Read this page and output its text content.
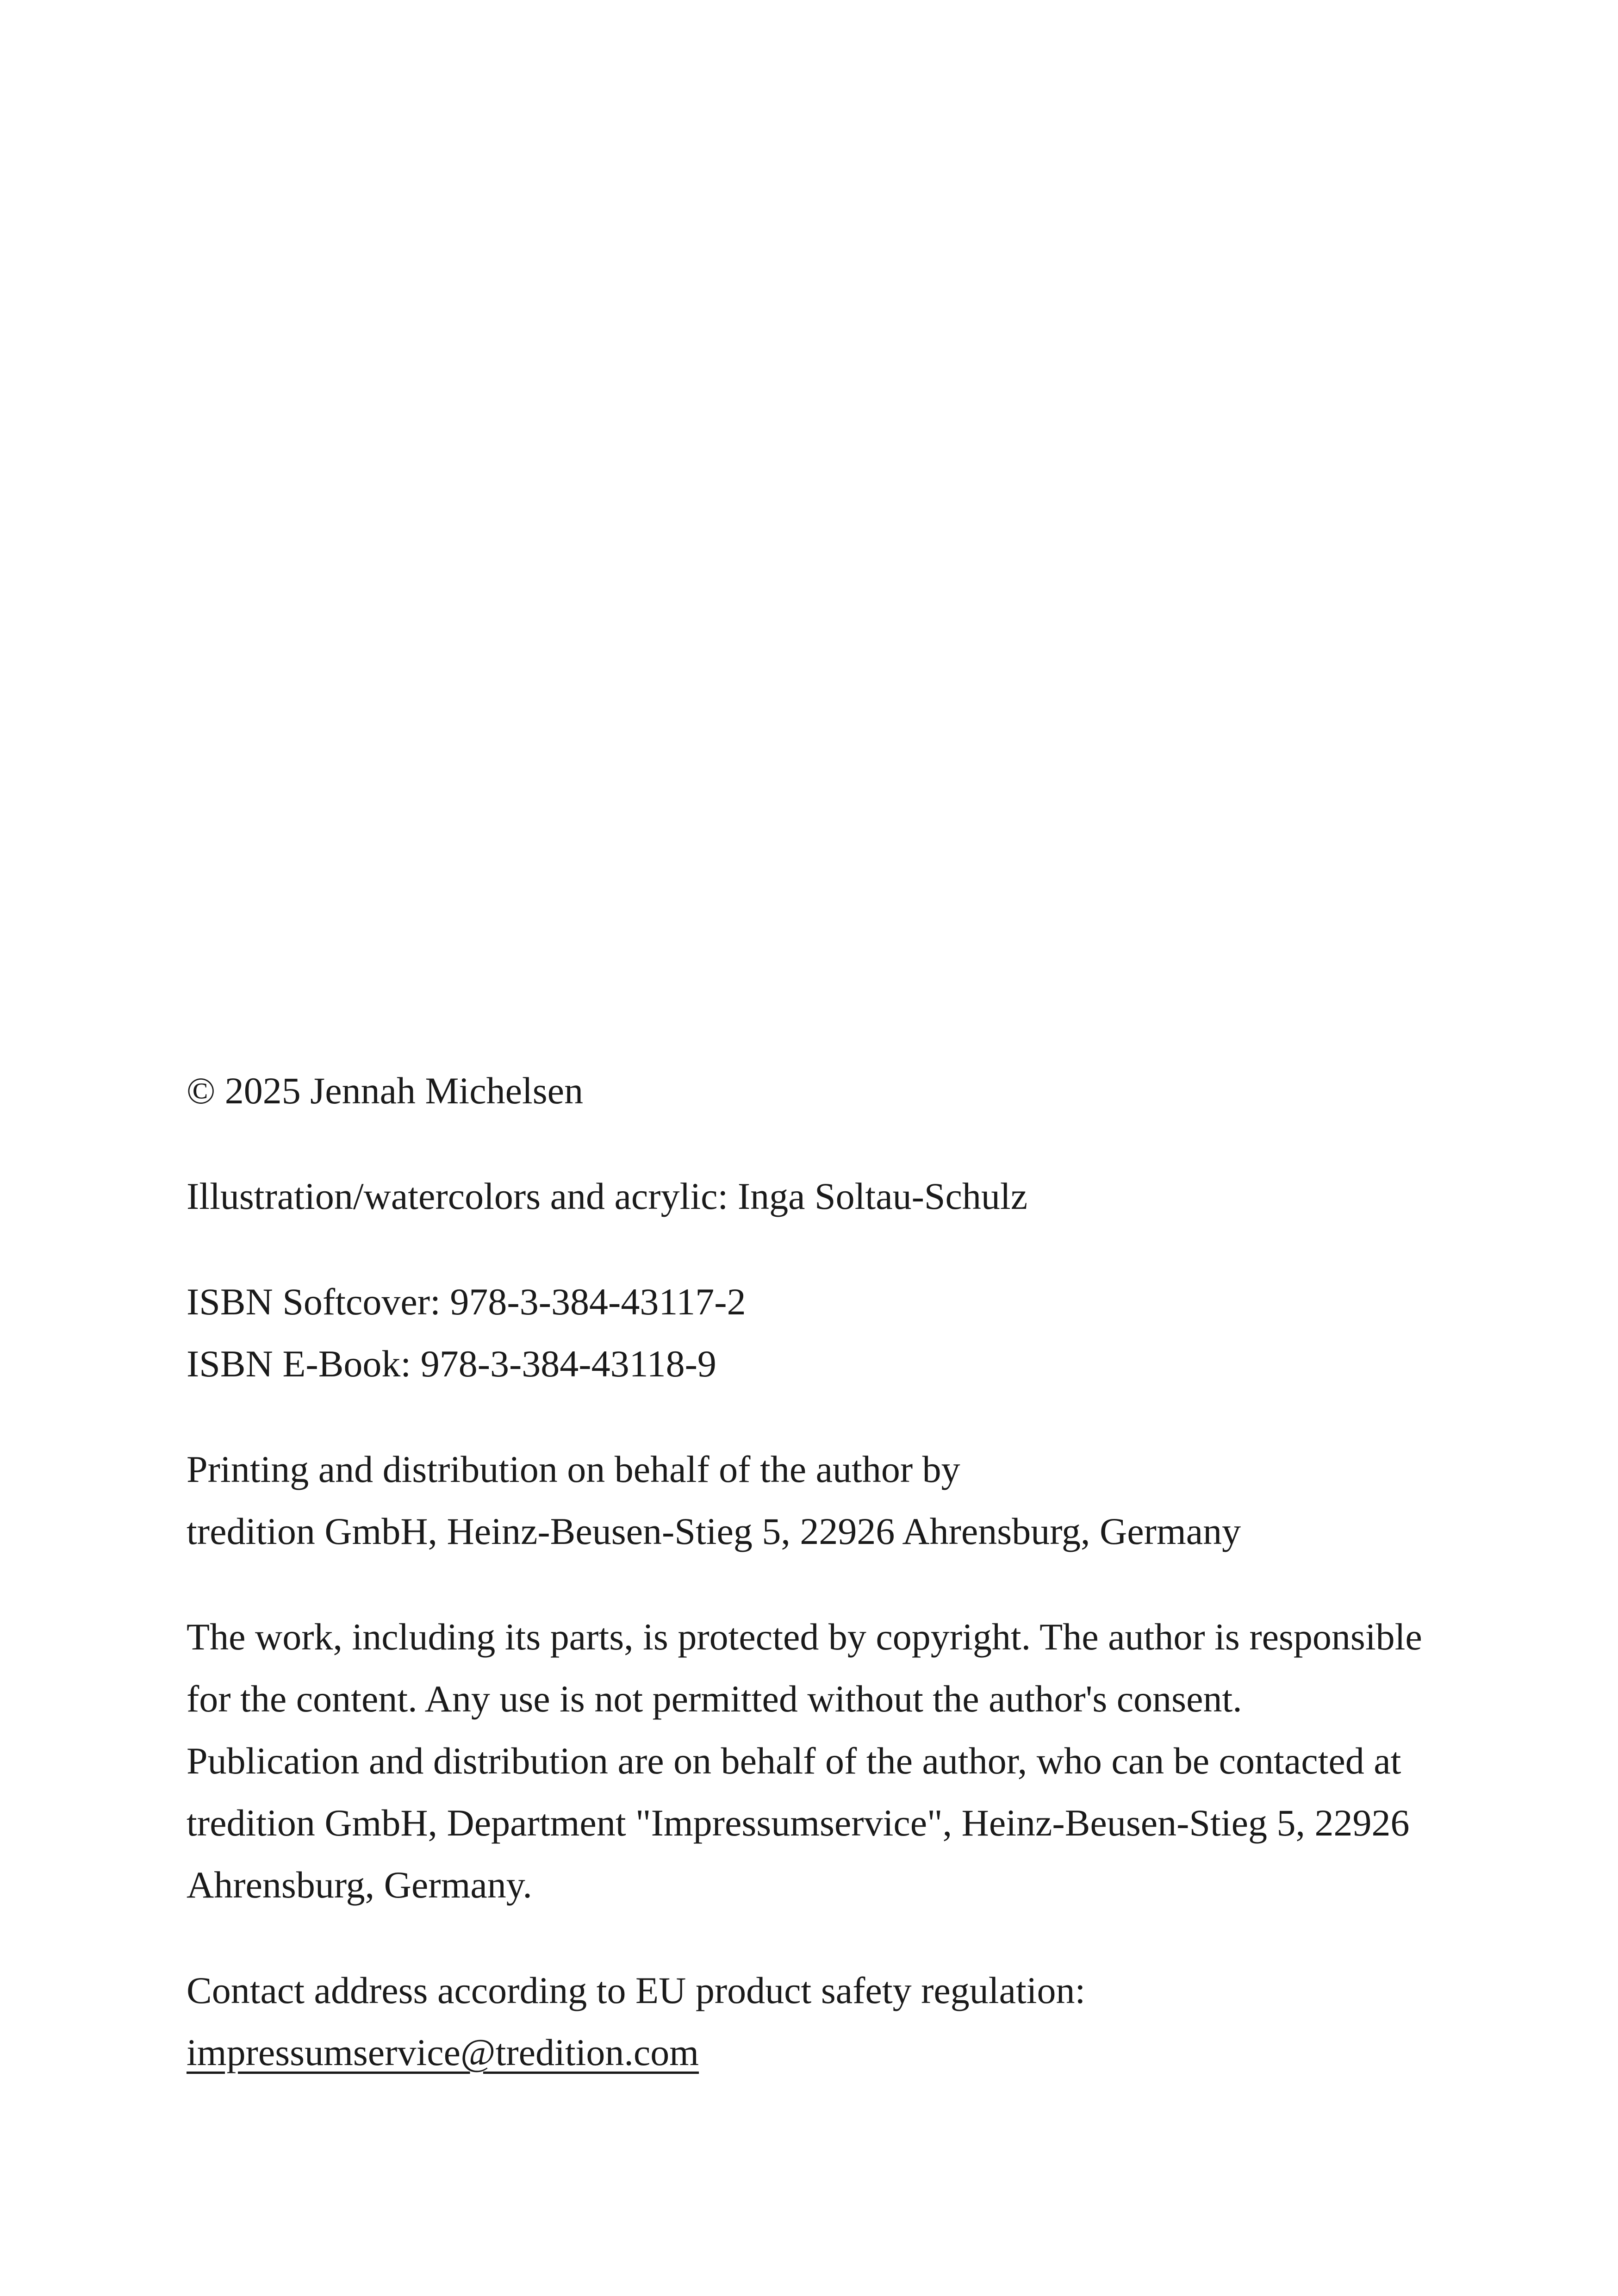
© 2025 Jennah Michelsen
Illustration/watercolors and acrylic: Inga Soltau-Schulz
ISBN Softcover: 978-3-384-43117-2
ISBN E-Book: 978-3-384-43118-9
Printing and distribution on behalf of the author by
tredition GmbH, Heinz-Beusen-Stieg 5, 22926 Ahrensburg, Germany
The work, including its parts, is protected by copyright. The author is responsible
for the content. Any use is not permitted without the author's consent.
Publication and distribution are on behalf of the author, who can be contacted at
tredition GmbH, Department "Impressumservice", Heinz-Beusen-Stieg 5, 22926
Ahrensburg, Germany.
Contact address according to EU product safety regulation:
impressumservice@tredition.com
